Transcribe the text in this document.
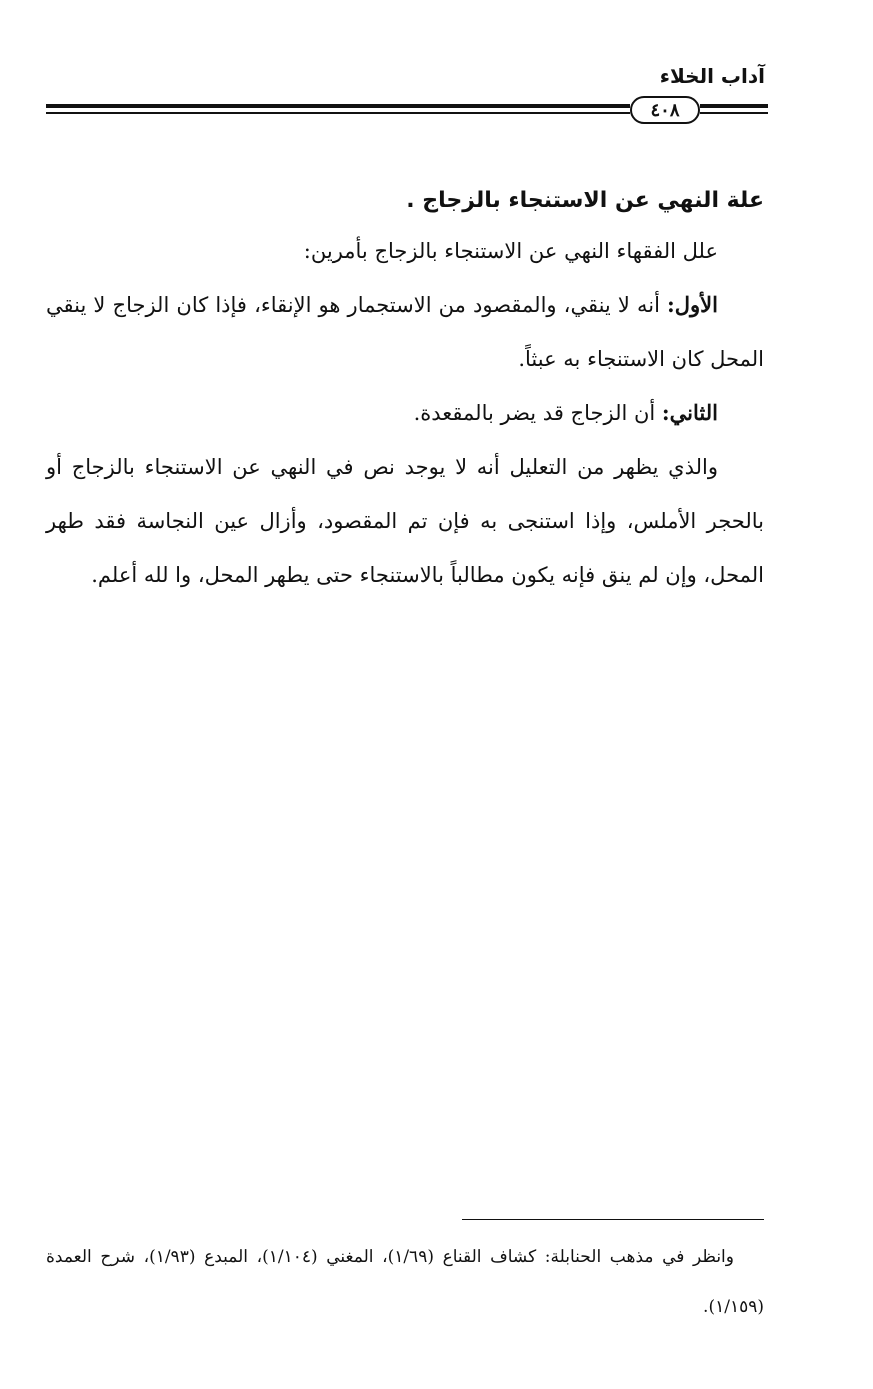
آداب الخلاء
٤٠٨

علة النهي عن الاستنجاء بالزجاج .

علل الفقهاء النهي عن الاستنجاء بالزجاج بأمرين:

الأول: أنه لا ينقي، والمقصود من الاستجمار هو الإنقاء، فإذا كان الزجاج لا ينقي المحل كان الاستنجاء به عبثاً.

الثاني: أن الزجاج قد يضر بالمقعدة.

والذي يظهر من التعليل أنه لا يوجد نص في النهي عن الاستنجاء بالزجاج أو بالحجر الأملس، وإذا استنجى به فإن تم المقصود، وأزال عين النجاسة فقد طهر المحل، وإن لم ينق فإنه يكون مطالباً بالاستنجاء حتى يطهر المحل، وا لله أعلم.

وانظر في مذهب الحنابلة: كشاف القناع (١/٦٩)، المغني (١/١٠٤)، المبدع (١/٩٣)، شرح العمدة (١/١٥٩).
